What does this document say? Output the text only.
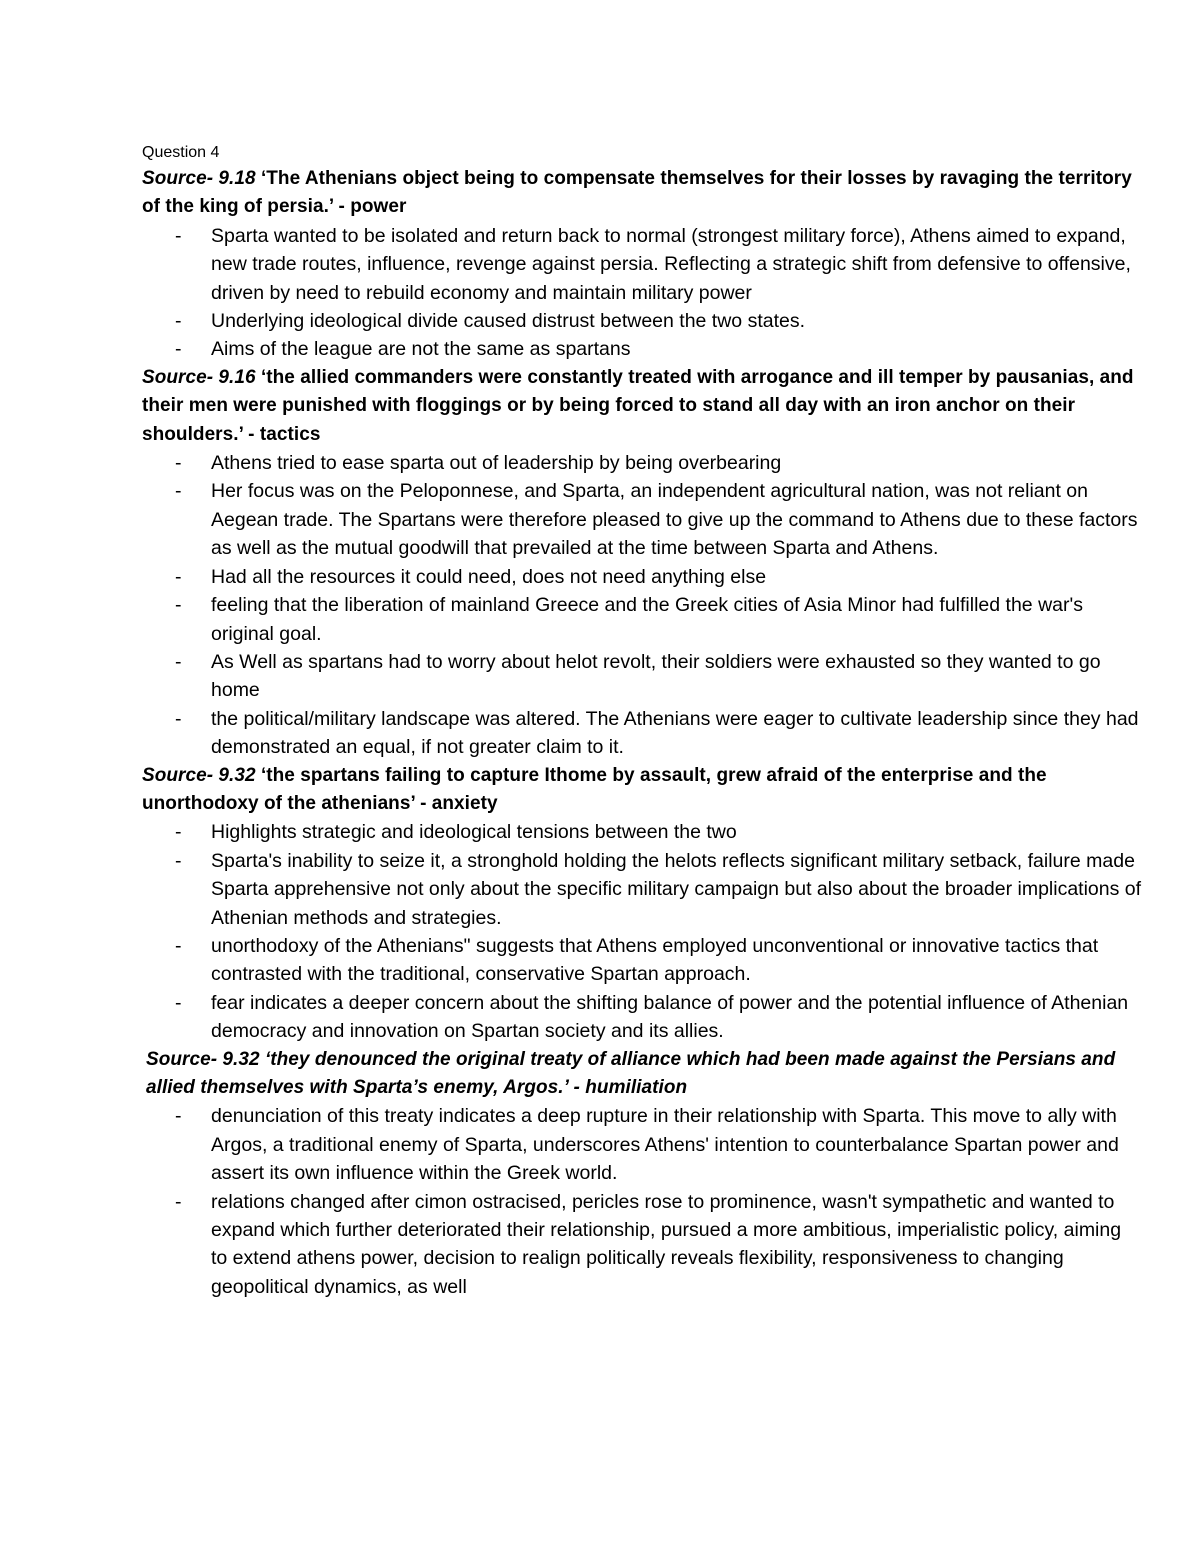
Question 4

Source- 9.18 ‘The Athenians object being to compensate themselves for their losses by ravaging the territory of the king of persia.’ - power

- Sparta wanted to be isolated and return back to normal (strongest military force), Athens aimed to expand, new trade routes, influence, revenge against persia. Reflecting a strategic shift from defensive to offensive, driven by need to rebuild economy and maintain military power
- Underlying ideological divide caused distrust between the two states.
- Aims of the league are not the same as spartans

Source- 9.16 ‘the allied commanders were constantly treated with arrogance and ill temper by pausanias, and their men were punished with floggings or by being forced to stand all day with an iron anchor on their shoulders.’ - tactics

- Athens tried to ease sparta out of leadership by being overbearing
- Her focus was on the Peloponnese, and Sparta, an independent agricultural nation, was not reliant on Aegean trade. The Spartans were therefore pleased to give up the command to Athens due to these factors as well as the mutual goodwill that prevailed at the time between Sparta and Athens.
- Had all the resources it could need, does not need anything else
- feeling that the liberation of mainland Greece and the Greek cities of Asia Minor had fulfilled the war's original goal.
- As Well as spartans had to worry about helot revolt, their soldiers were exhausted so they wanted to go home
- the political/military landscape was altered. The Athenians were eager to cultivate leadership since they had demonstrated an equal, if not greater claim to it.

Source- 9.32 ‘the spartans failing to capture Ithome by assault, grew afraid of the enterprise and the unorthodoxy of the athenians’ - anxiety

- Highlights strategic and ideological tensions between the two
- Sparta's inability to seize it, a stronghold holding the helots reflects significant military setback, failure made Sparta apprehensive not only about the specific military campaign but also about the broader implications of Athenian methods and strategies.
- unorthodoxy of the Athenians" suggests that Athens employed unconventional or innovative tactics that contrasted with the traditional, conservative Spartan approach.
- fear indicates a deeper concern about the shifting balance of power and the potential influence of Athenian democracy and innovation on Spartan society and its allies.

Source- 9.32 ‘they denounced the original treaty of alliance which had been made against the Persians and allied themselves with Sparta’s enemy, Argos.’ - humiliation

- denunciation of this treaty indicates a deep rupture in their relationship with Sparta. This move to ally with Argos, a traditional enemy of Sparta, underscores Athens' intention to counterbalance Spartan power and assert its own influence within the Greek world.
- relations changed after cimon ostracised, pericles rose to prominence, wasn't sympathetic and wanted to expand which further deteriorated their relationship, pursued a more ambitious, imperialistic policy, aiming to extend athens power, decision to realign politically reveals flexibility, responsiveness to changing geopolitical dynamics, as well
